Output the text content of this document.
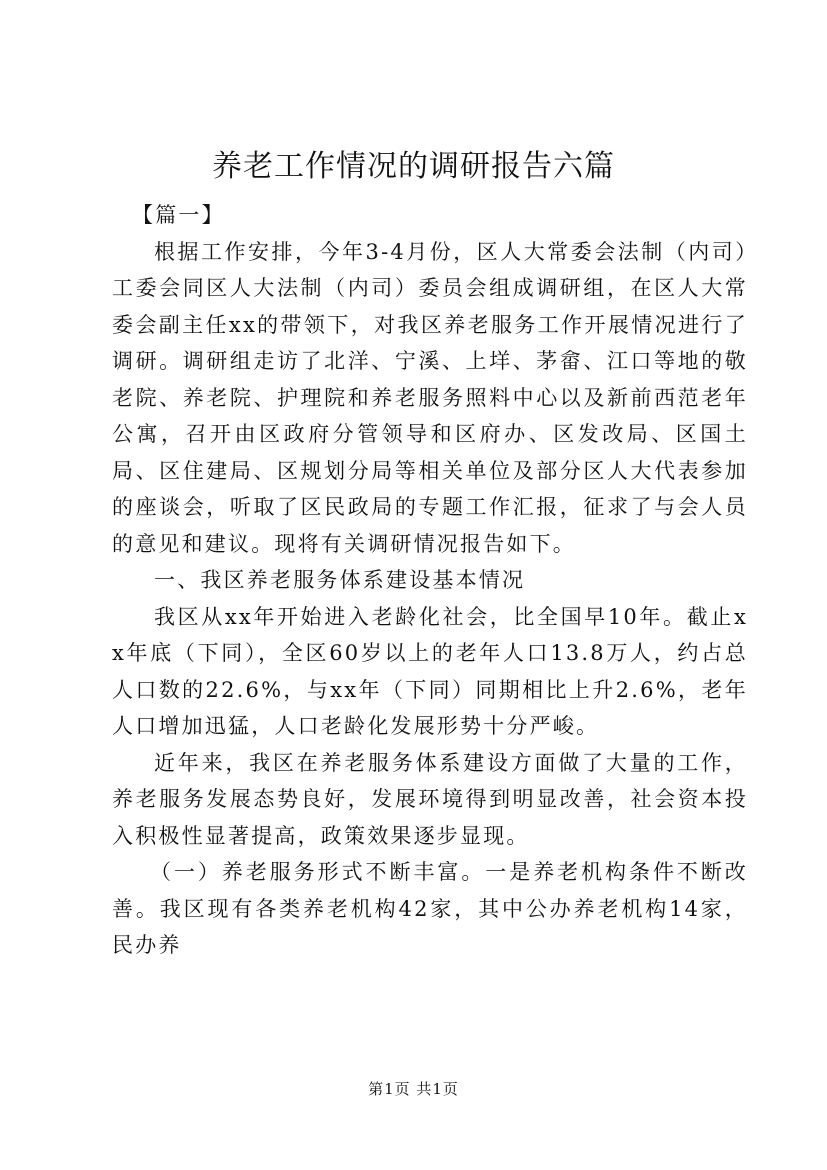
养老工作情况的调研报告六篇

【篇一】

根据工作安排，今年3-4月份，区人大常委会法制（内司）工委会同区人大法制（内司）委员会组成调研组，在区人大常委会副主任xx的带领下，对我区养老服务工作开展情况进行了调研。调研组走访了北洋、宁溪、上垟、茅畲、江口等地的敬老院、养老院、护理院和养老服务照料中心以及新前西范老年公寓，召开由区政府分管领导和区府办、区发改局、区国土局、区住建局、区规划分局等相关单位及部分区人大代表参加的座谈会，听取了区民政局的专题工作汇报，征求了与会人员的意见和建议。现将有关调研情况报告如下。

一、我区养老服务体系建设基本情况

我区从xx年开始进入老龄化社会，比全国早10年。截止xx年底（下同），全区60岁以上的老年人口13.8万人，约占总人口数的22.6%，与xx年（下同）同期相比上升2.6%，老年人口增加迅猛，人口老龄化发展形势十分严峻。

近年来，我区在养老服务体系建设方面做了大量的工作，养老服务发展态势良好，发展环境得到明显改善，社会资本投入积极性显著提高，政策效果逐步显现。

（一）养老服务形式不断丰富。一是养老机构条件不断改善。我区现有各类养老机构42家，其中公办养老机构14家，民办养

第1页 共1页
